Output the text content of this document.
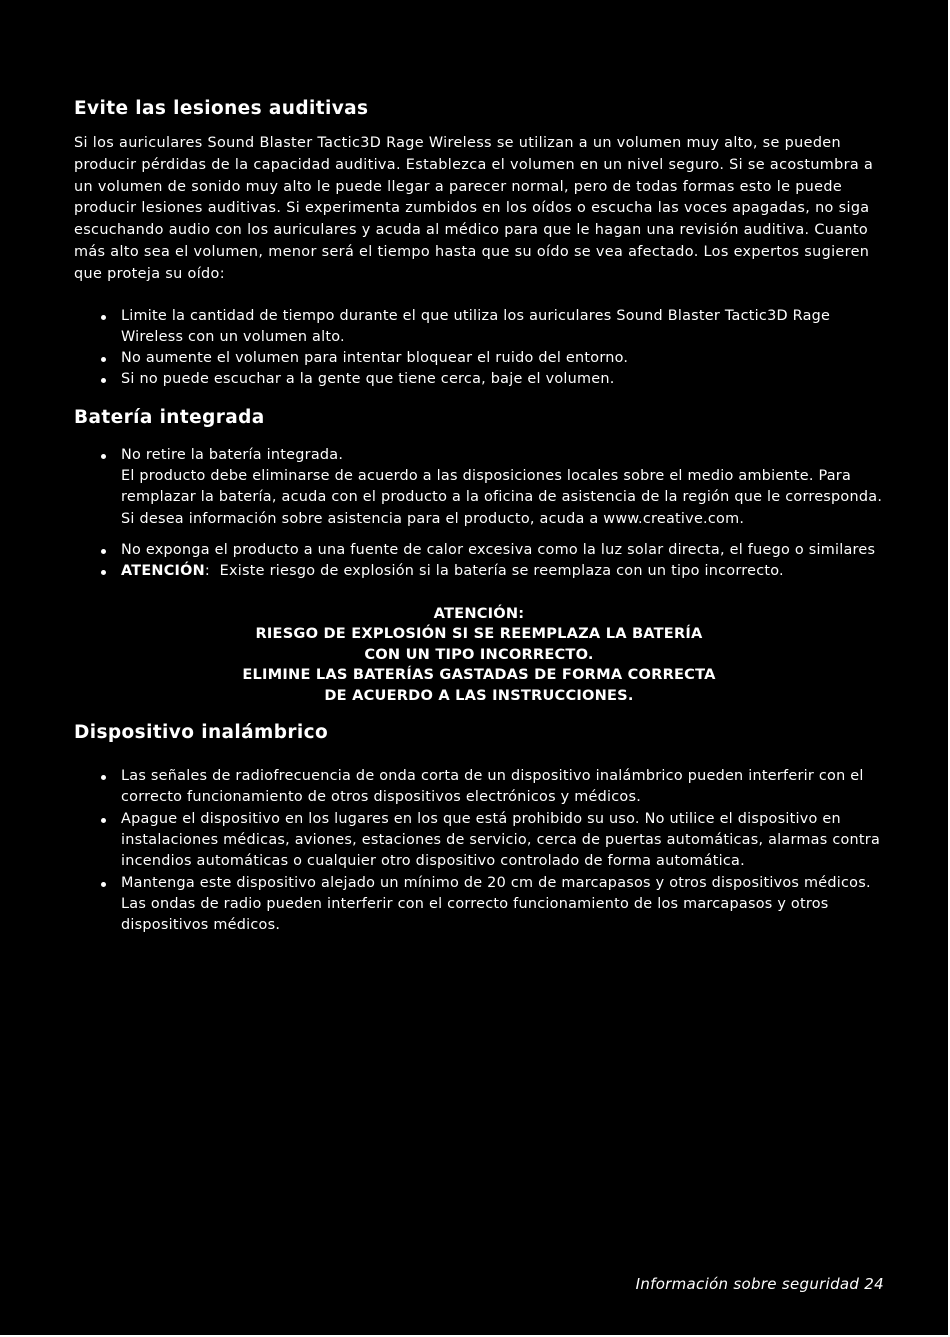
Evite las lesiones auditivas

Si los auriculares Sound Blaster Tactic3D Rage Wireless se utilizan a un volumen muy alto, se pueden producir pérdidas de la capacidad auditiva. Establezca el volumen en un nivel seguro. Si se acostumbra a un volumen de sonido muy alto le puede llegar a parecer normal, pero de todas formas esto le puede producir lesiones auditivas. Si experimenta zumbidos en los oídos o escucha las voces apagadas, no siga escuchando audio con los auriculares y acuda al médico para que le hagan una revisión auditiva. Cuanto más alto sea el volumen, menor será el tiempo hasta que su oído se vea afectado. Los expertos sugieren que proteja su oído:

Limite la cantidad de tiempo durante el que utiliza los auriculares Sound Blaster Tactic3D Rage Wireless con un volumen alto.
No aumente el volumen para intentar bloquear el ruido del entorno.
Si no puede escuchar a la gente que tiene cerca, baje el volumen.
Batería integrada
No retire la batería integrada.
El producto debe eliminarse de acuerdo a las disposiciones locales sobre el medio ambiente. Para remplazar la batería, acuda con el producto a la oficina de asistencia de la región que le corresponda. Si desea información sobre asistencia para el producto, acuda a www.creative.com.
No exponga el producto a una fuente de calor excesiva como la luz solar directa, el fuego o similares
ATENCIÓN: Existe riesgo de explosión si la batería se reemplaza con un tipo incorrecto.
ATENCIÓN:
RIESGO DE EXPLOSIÓN SI SE REEMPLAZA LA BATERÍA
CON UN TIPO INCORRECTO.
ELIMINE LAS BATERÍAS GASTADAS DE FORMA CORRECTA
DE ACUERDO A LAS INSTRUCCIONES.
Dispositivo inalámbrico
Las señales de radiofrecuencia de onda corta de un dispositivo inalámbrico pueden interferir con el correcto funcionamiento de otros dispositivos electrónicos y médicos.
Apague el dispositivo en los lugares en los que está prohibido su uso. No utilice el dispositivo en instalaciones médicas, aviones, estaciones de servicio, cerca de puertas automáticas, alarmas contra incendios automáticas o cualquier otro dispositivo controlado de forma automática.
Mantenga este dispositivo alejado un mínimo de 20 cm de marcapasos y otros dispositivos médicos. Las ondas de radio pueden interferir con el correcto funcionamiento de los marcapasos y otros dispositivos médicos.
Información sobre seguridad 24
